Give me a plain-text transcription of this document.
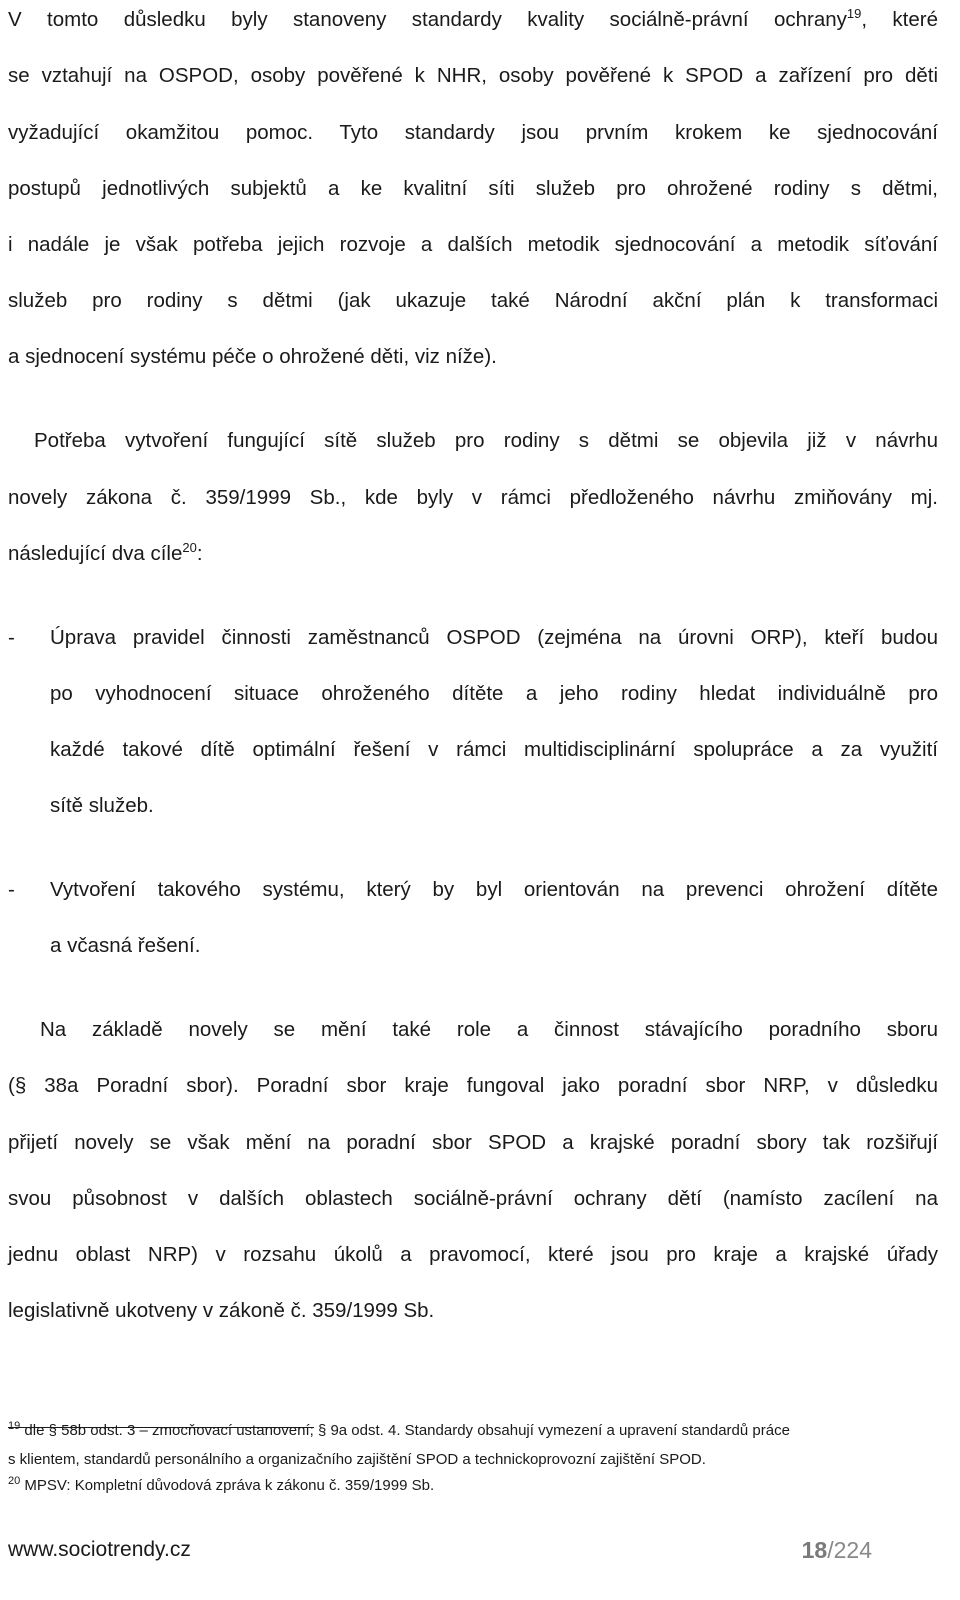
V tomto důsledku byly stanoveny standardy kvality sociálně-právní ochrany$^{19}$, které
se vztahují na OSPOD, osoby pověřené k NHR, osoby pověřené k SPOD a zařízení pro děti
vyžadující okamžitou pomoc. Tyto standardy jsou prvním krokem ke sjednocování
postupů jednotlivých subjektů a ke kvalitní síti služeb pro ohrožené rodiny s dětmi,
i nadále je však potřeba jejich rozvoje a dalších metodik sjednocování a metodik síťování
služeb pro rodiny s dětmi (jak ukazuje také Národní akční plán k transformaci
a sjednocení systému péče o ohrožené děti, viz níže).
Potřeba vytvoření fungující sítě služeb pro rodiny s dětmi se objevila již v návrhu
novely zákona č. 359/1999 Sb., kde byly v rámci předloženého návrhu zmiňovány mj.
následující dva cíle$^{20}$:
- Úprava pravidel činnosti zaměstnanců OSPOD (zejména na úrovni ORP), kteří budou
po vyhodnocení situace ohroženého dítěte a jeho rodiny hledat individuálně pro
každé takové dítě optimální řešení v rámci multidisciplinární spolupráce a za využití
sítě služeb.
- Vytvoření takového systému, který by byl orientován na prevenci ohrožení dítěte
a včasná řešení.
Na základě novely se mění také role a činnost stávajícího poradního sboru
(§ 38a Poradní sbor). Poradní sbor kraje fungoval jako poradní sbor NRP, v důsledku
přijetí novely se však mění na poradní sbor SPOD a krajské poradní sbory tak rozšiřují
svou působnost v dalších oblastech sociálně-právní ochrany dětí (namísto zacílení na
jednu oblast NRP) v rozsahu úkolů a pravomocí, které jsou pro kraje a krajské úřady
legislativně ukotveny v zákoně č. 359/1999 Sb.
$^{19}$ dle § 58b odst. 3 – zmocňovací ustanovení; § 9a odst. 4. Standardy obsahují vymezení a upravení standardů práce
s klientem, standardů personálního a organizačního zajištění SPOD a technickoprovozní zajištění SPOD.
$^{20}$ MPSV: Kompletní důvodová zpráva k zákonu č. 359/1999 Sb.
www.sociotrendy.cz	18/224
